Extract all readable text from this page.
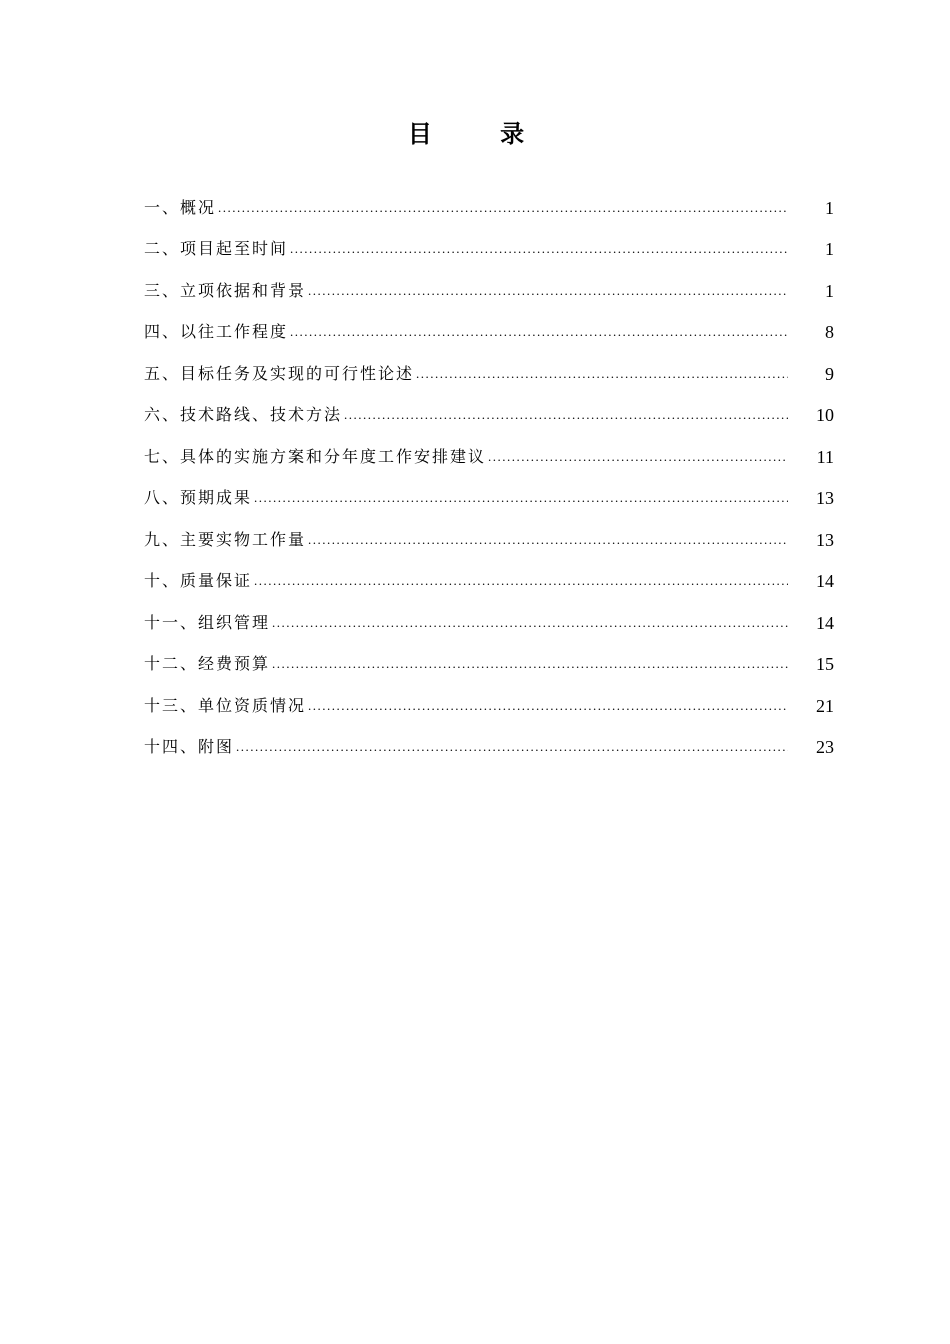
目 录
一、概况 .....	1
二、项目起至时间 .....	1
三、立项依据和背景 .....	1
四、以往工作程度 .....	8
五、目标任务及实现的可行性论述 .....	9
六、技术路线、技术方法 .....	10
七、具体的实施方案和分年度工作安排建议 .....	11
八、预期成果 .....	13
九、主要实物工作量 .....	13
十、质量保证 .....	14
十一、组织管理 .....	14
十二、经费预算 .....	15
十三、单位资质情况 .....	21
十四、附图 .....	23
